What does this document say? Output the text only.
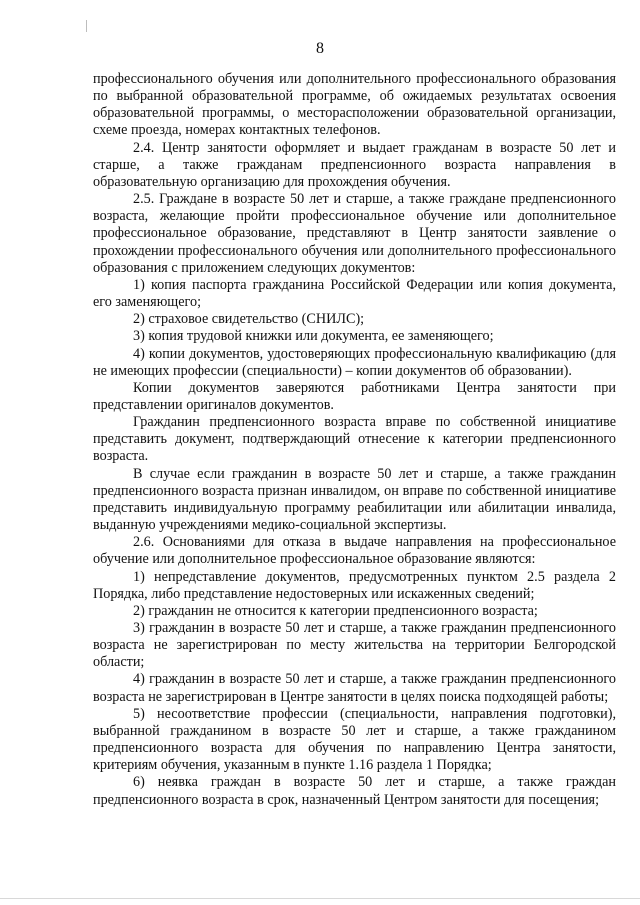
8

профессионального обучения или дополнительного профессионального образования по выбранной образовательной программе, об ожидаемых результатах освоения образовательной программы, о месторасположении образовательной организации, схеме проезда, номерах контактных телефонов.

2.4. Центр занятости оформляет и выдает гражданам в возрасте 50 лет и старше, а также гражданам предпенсионного возраста направления в образовательную организацию для прохождения обучения.

2.5. Граждане в возрасте 50 лет и старше, а также граждане предпенсионного возраста, желающие пройти профессиональное обучение или дополнительное профессиональное образование, представляют в Центр занятости заявление о прохождении профессионального обучения или дополнительного профессионального образования с приложением следующих документов:

1) копия паспорта гражданина Российской Федерации или копия документа, его заменяющего;

2) страховое свидетельство (СНИЛС);

3) копия трудовой книжки или документа, ее заменяющего;

4) копии документов, удостоверяющих профессиональную квалификацию (для не имеющих профессии (специальности) – копии документов об образовании).

Копии документов заверяются работниками Центра занятости при представлении оригиналов документов.

Гражданин предпенсионного возраста вправе по собственной инициативе представить документ, подтверждающий отнесение к категории предпенсионного возраста.

В случае если гражданин в возрасте 50 лет и старше, а также гражданин предпенсионного возраста признан инвалидом, он вправе по собственной инициативе представить индивидуальную программу реабилитации или абилитации инвалида, выданную учреждениями медико-социальной экспертизы.

2.6. Основаниями для отказа в выдаче направления на профессиональное обучение или дополнительное профессиональное образование являются:

1) непредставление документов, предусмотренных пунктом 2.5 раздела 2 Порядка, либо представление недостоверных или искаженных сведений;

2) гражданин не относится к категории предпенсионного возраста;

3) гражданин в возрасте 50 лет и старше, а также гражданин предпенсионного возраста не зарегистрирован по месту жительства на территории Белгородской области;

4) гражданин в возрасте 50 лет и старше, а также гражданин предпенсионного возраста не зарегистрирован в Центре занятости в целях поиска подходящей работы;

5) несоответствие профессии (специальности, направления подготовки), выбранной гражданином в возрасте 50 лет и старше, а также гражданином предпенсионного возраста для обучения по направлению Центра занятости, критериям обучения, указанным в пункте 1.16 раздела 1 Порядка;

6) неявка граждан в возрасте 50 лет и старше, а также граждан предпенсионного возраста в срок, назначенный Центром занятости для посещения;
